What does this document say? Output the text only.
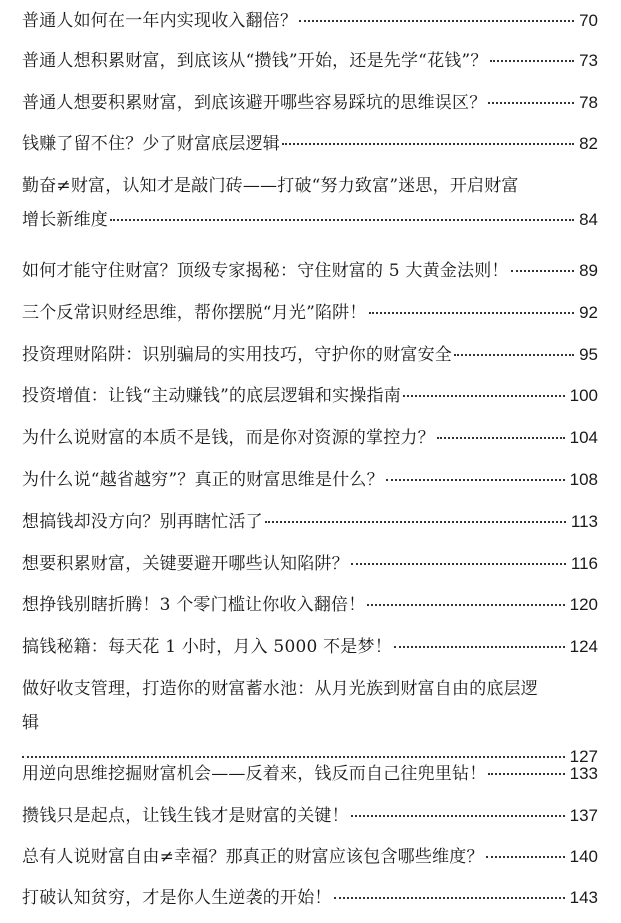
普通人如何在一年内实现收入翻倍？	70
普通人想积累财富，到底该从“攒钱”开始，还是先学“花钱”？	73
普通人想要积累财富，到底该避开哪些容易踩坑的思维误区？	78
钱赚了留不住？少了财富底层逻辑	82
勤奋≠财富，认知才是敲门砖——打破“努力致富”迷思，开启财富
增长新维度	84
如何才能守住财富？顶级专家揭秘：守住财富的 5 大黄金法则！	89
三个反常识财经思维，帮你摆脱“月光”陷阱！	92
投资理财陷阱：识别骗局的实用技巧，守护你的财富安全	95
投资增值：让钱“主动赚钱”的底层逻辑和实操指南	100
为什么说财富的本质不是钱，而是你对资源的掌控力？	104
为什么说“越省越穷”？真正的财富思维是什么？	108
想搞钱却没方向？别再瞎忙活了	113
想要积累财富，关键要避开哪些认知陷阱？	116
想挣钱别瞎折腾！3 个零门槛让你收入翻倍！	120
搞钱秘籍：每天花 1 小时，月入 5000 不是梦！	124
做好收支管理，打造你的财富蓄水池：从月光族到财富自由的底层逻
辑
127
用逆向思维挖掘财富机会——反着来，钱反而自己往兜里钻！	133
攒钱只是起点，让钱生钱才是财富的关键！	137
总有人说财富自由≠幸福？那真正的财富应该包含哪些维度？	140
打破认知贫穷，才是你人生逆袭的开始！	143
